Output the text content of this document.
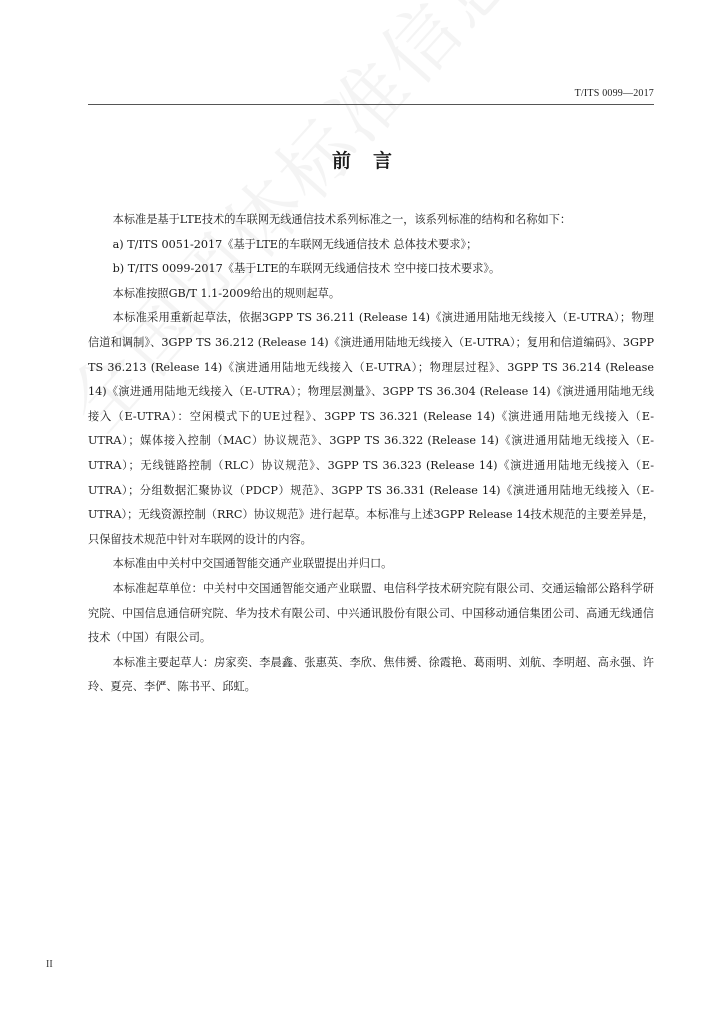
T/ITS 0099—2017
前言

本标准是基于LTE技术的车联网无线通信技术系列标准之一，该系列标准的结构和名称如下：

a) T/ITS 0051-2017《基于LTE的车联网无线通信技术 总体技术要求》；

b) T/ITS 0099-2017《基于LTE的车联网无线通信技术 空中接口技术要求》。

本标准按照GB/T 1.1-2009给出的规则起草。

本标准采用重新起草法，依据3GPP TS 36.211 (Release 14)《演进通用陆地无线接入（E-UTRA）；物理信道和调制》、3GPP TS 36.212 (Release 14)《演进通用陆地无线接入（E-UTRA）；复用和信道编码》、3GPP TS 36.213 (Release 14)《演进通用陆地无线接入（E-UTRA）；物理层过程》、3GPP TS 36.214 (Release 14)《演进通用陆地无线接入（E-UTRA）；物理层测量》、3GPP TS 36.304 (Release 14)《演进通用陆地无线接入（E-UTRA）：空闲模式下的UE过程》、3GPP TS 36.321 (Release 14)《演进通用陆地无线接入（E-UTRA）；媒体接入控制（MAC）协议规范》、3GPP TS 36.322 (Release 14)《演进通用陆地无线接入（E-UTRA）；无线链路控制（RLC）协议规范》、3GPP TS 36.323 (Release 14)《演进通用陆地无线接入（E-UTRA）；分组数据汇聚协议（PDCP）规范》、3GPP TS 36.331 (Release 14)《演进通用陆地无线接入（E-UTRA）；无线资源控制（RRC）协议规范》进行起草。本标准与上述3GPP Release 14技术规范的主要差异是，只保留技术规范中针对车联网的设计的内容。

本标准由中关村中交国通智能交通产业联盟提出并归口。

本标准起草单位：中关村中交国通智能交通产业联盟、电信科学技术研究院有限公司、交通运输部公路科学研究院、中国信息通信研究院、华为技术有限公司、中兴通讯股份有限公司、中国移动通信集团公司、高通无线通信技术（中国）有限公司。

本标准主要起草人：房家奕、李晨鑫、张惠英、李欣、焦伟赟、徐霞艳、葛雨明、刘航、李明超、高永强、许玲、夏亮、李俨、陈书平、邱虹。

II
